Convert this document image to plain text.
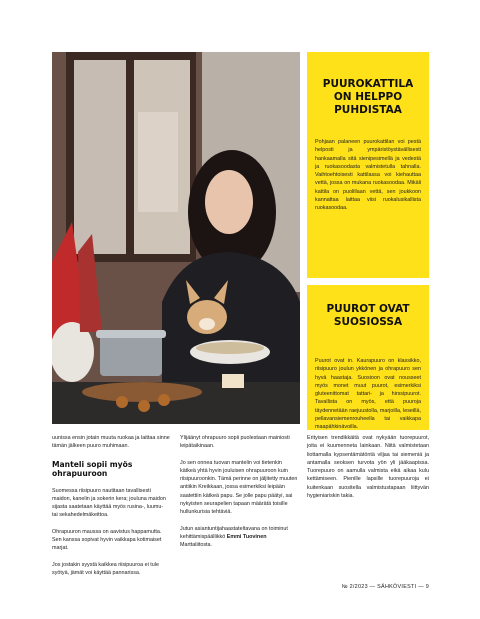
PUUROKATTILA ON HELPPO PUHDISTAA

Pohjaan palaneen puurokattilan voi pestä helposti ja ympäristöystävällisesti hankaamalla sitä sienipesimellä ja vedestä ja ruokasoodasta valmistetulla tahnalla. Vaihtoehtoisesti kattilassa voi kiehauttaa vettä, jossa on mukana ruokasoodaa. Mikäli kattila on puolillaan vettä, sen joukkoon kannattaa laittaa viisi ruokalusikallista ruokasoodaa.

PUUROT OVAT SUOSIOSSA

Puurot ovat in. Kaurapuuro on klassikko, riisipuuro joulun ykkönen ja ohrapuuro sen hyvä haastaja. Suosioon ovat nousseet myös monet muut puurot, esimerkiksi gluteenittomat tattari- ja hirssipuurot. Tavallista on myös, että puuroja täydennetään raejuustolla, marjoilla, leseillä, pellavansiemenrouheella tai vaikkapa maapähkinävoilla.

uunissa ensin jotain muuta ruokaa ja laittaa sinne tämän jälkeen puuro muhimaan.

Manteli sopii myös ohrapuuroon

Suomessa riisipuuro nautitaan tavallisesti maidon, kanelin ja sokerin kera; joulunа maidon sijasta saatetaan käyttää myös rusina-, luumu- tai sekahedelmäkeittoa.

Ohrapuuron maussa on aavistus happamutta. Sen kanssa sopivat hyvin vaikkapa kotimaiset marjat.

Jos jostakin syystä kaikkea riisipuuroa ei tule syötyä, jämät voi käyttää pannarissa.

Ylijäänyt ohrapuuro sopii puolestaan mainiosti leipätaikinaan.

Jo sen onnea tuovan mantelin voi tietenkin kätkeä yhtä hyvin jouluisen ohrapuuroon kuin riisipuuroonkin. Tämä perinne on jäljitetty muuten antiikin Kreikkaan, jossa esimerkiksi leipään saatettiin kätkeä papu. Se jolle papu päätyi, sai nykyisten seurapelien tapaan määrätä toisille hullunkurisia tehtäviä.

Jutun asiantuntijahaastateltavana on toiminut kehittämispäällikkö Emmi Tuovinen Marttaliitosta.

Erityisen trendikkäitä ovat nykyään tuorepuurot, joita ei kuumenneta lainkaan. Niitä valmistetaan liottamalla kypsentämätöntä viljaa tai siemeniä ja antamalla seoksen turvota yön yli jääkaapissa. Tuorepuuro on aamulla valmista eikä aikaa kulu kettämiseen. Pienille lapsille tuorepuuroja ei kuitenkaan suositella valmistustapaan liittyvän hygieniariskin takia.

№ 2/2023 — SÄHKÖVIESTI — 9
